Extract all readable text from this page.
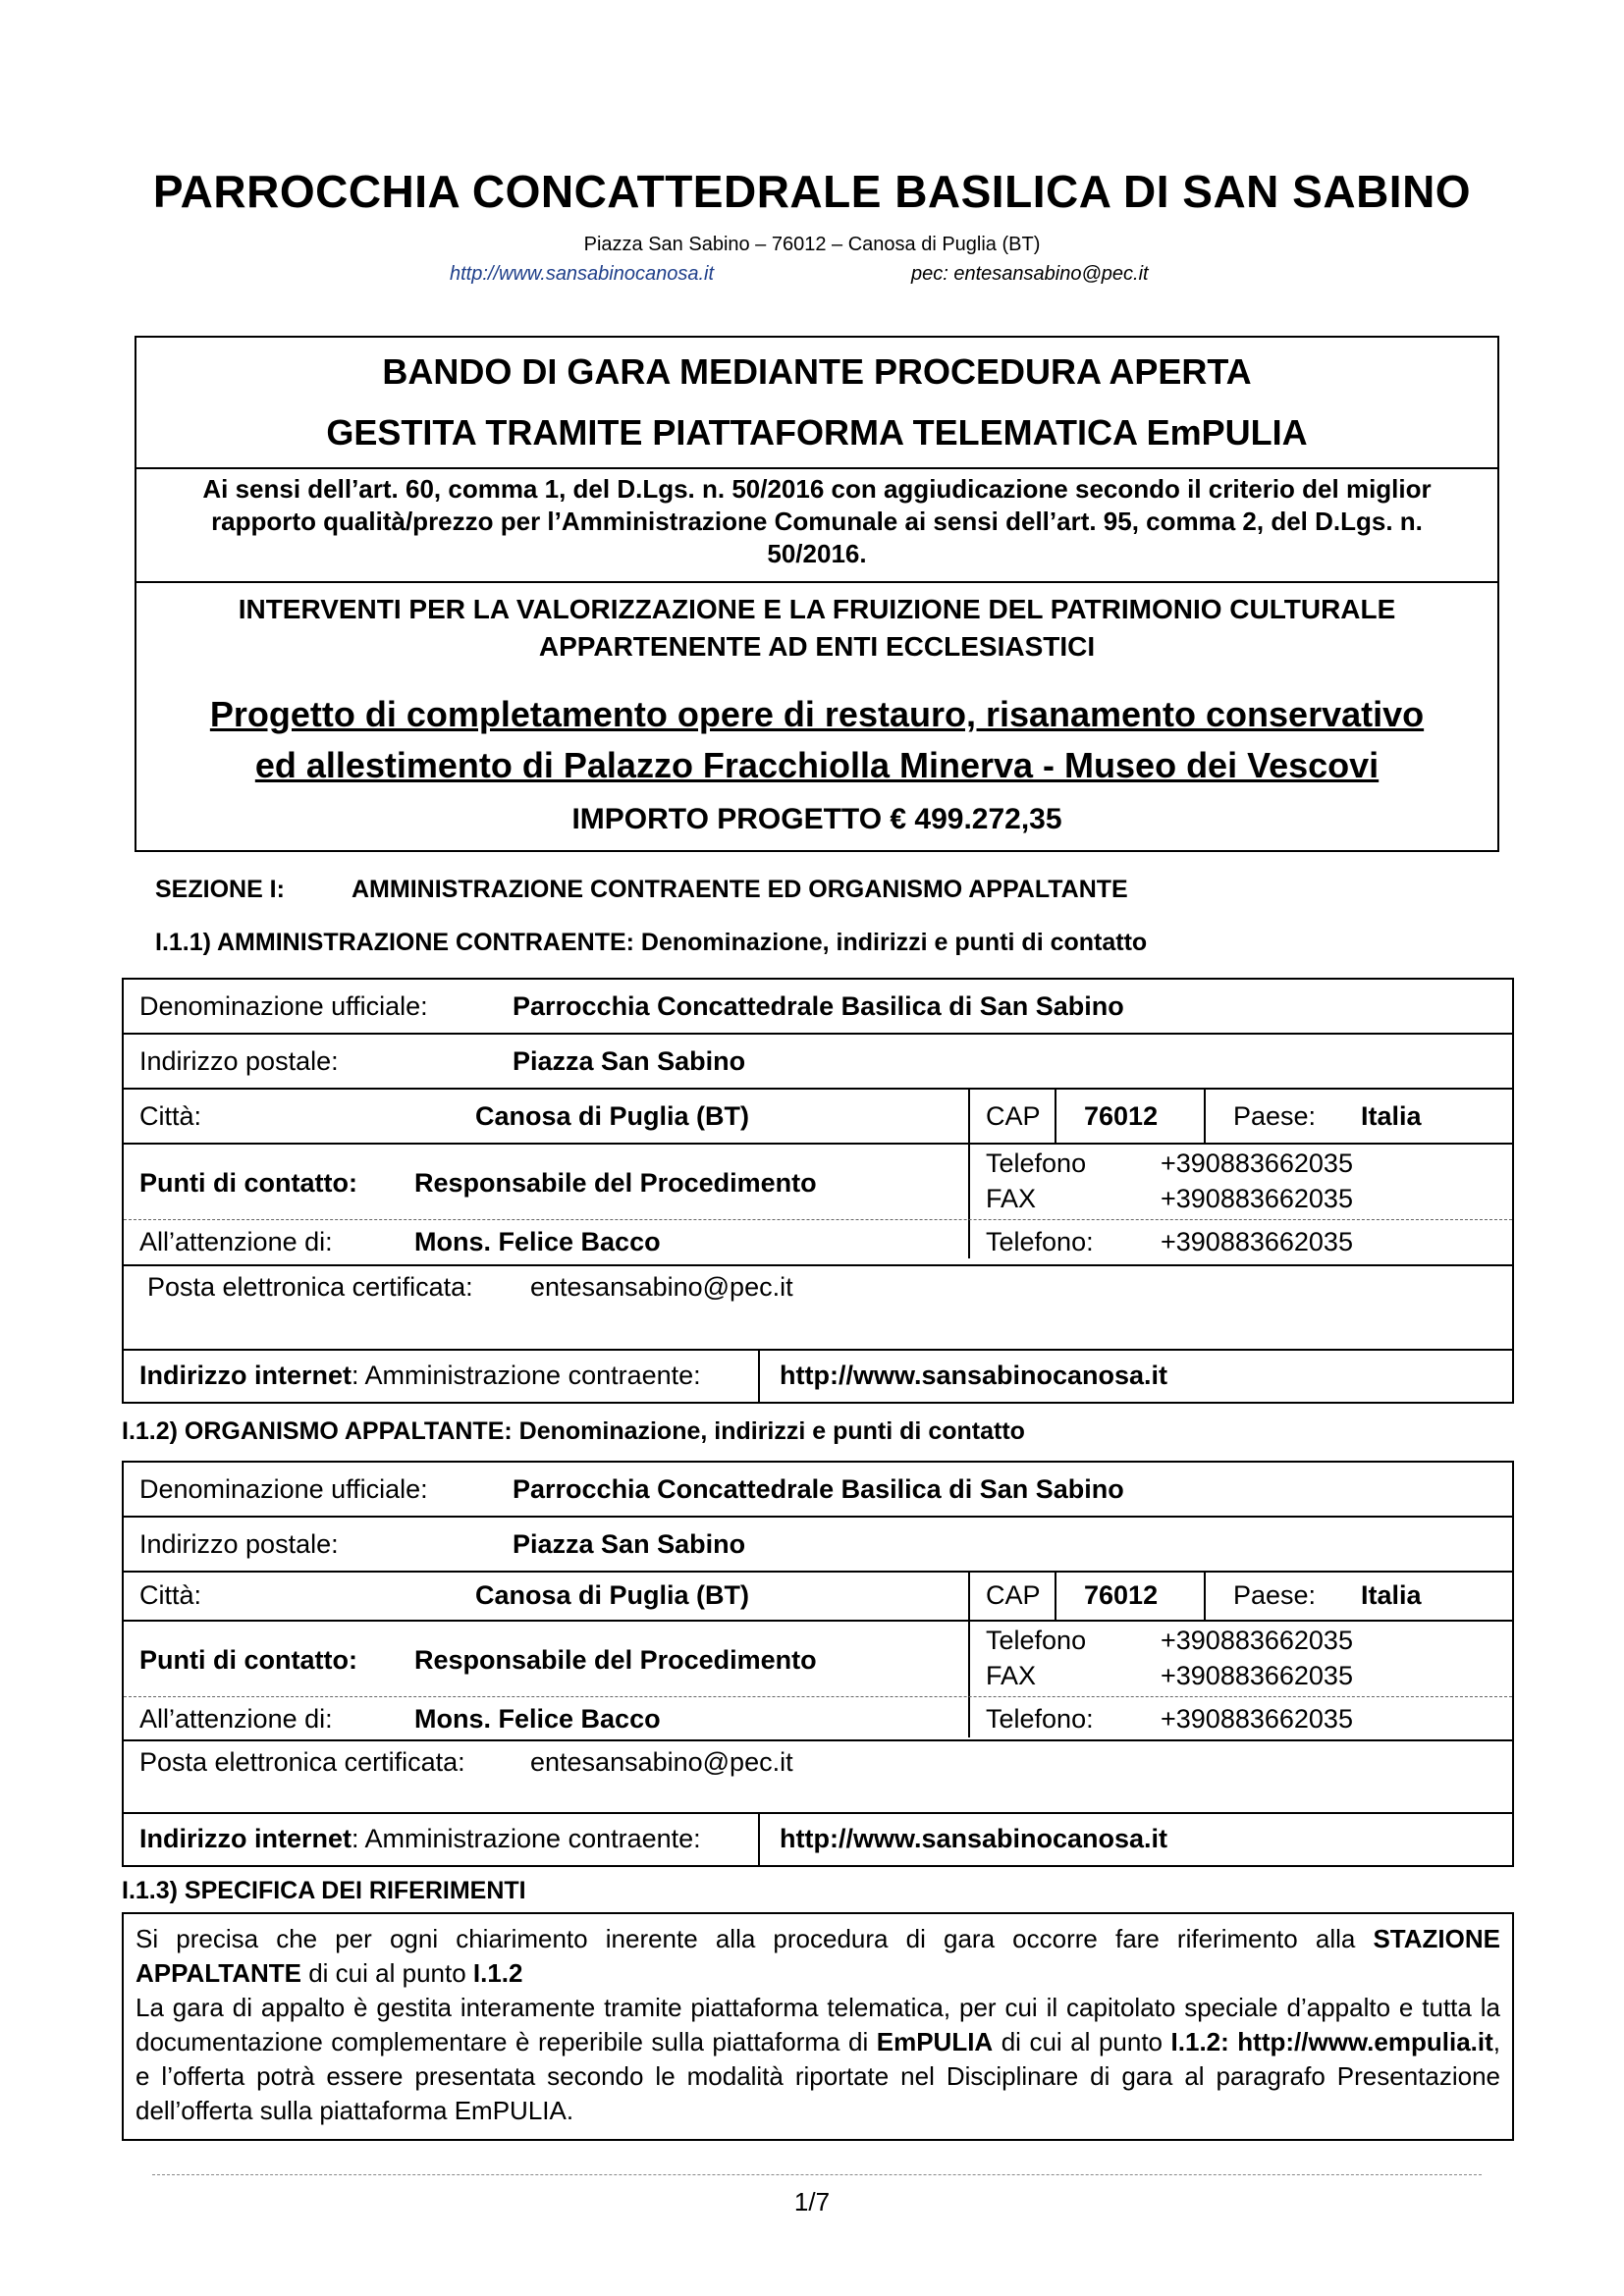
PARROCCHIA CONCATTEDRALE BASILICA DI SAN SABINO
Piazza San Sabino – 76012 – Canosa di Puglia (BT)
http://www.sansabinocanosa.it	pec: entesansabino@pec.it
BANDO DI GARA MEDIANTE PROCEDURA APERTA
GESTITA TRAMITE PIATTAFORMA TELEMATICA EmPULIA
Ai sensi dell’art. 60, comma 1, del D.Lgs. n. 50/2016 con aggiudicazione secondo il criterio del miglior
rapporto qualità/prezzo per l’Amministrazione Comunale ai sensi dell’art. 95, comma 2, del D.Lgs. n.
50/2016.
INTERVENTI PER LA VALORIZZAZIONE E LA FRUIZIONE DEL PATRIMONIO CULTURALE
APPARTENENTE AD ENTI ECCLESIASTICI
Progetto di completamento opere di restauro, risanamento conservativo
ed allestimento di Palazzo Fracchiolla Minerva - Museo dei Vescovi
IMPORTO PROGETTO € 499.272,35
SEZIONE I:	AMMINISTRAZIONE CONTRAENTE ED ORGANISMO APPALTANTE
I.1.1) AMMINISTRAZIONE CONTRAENTE: Denominazione, indirizzi e punti di contatto
Denominazione ufficiale:	Parrocchia Concattedrale Basilica di San Sabino
Indirizzo postale:	Piazza San Sabino
Città:	Canosa di Puglia (BT)	CAP 76012	Paese: Italia
Punti di contatto: Responsabile del Procedimento
Telefono	+390883662035
FAX	+390883662035
All’attenzione di:	Mons. Felice Bacco	Telefono:	+390883662035
Posta elettronica certificata: entesansabino@pec.it
Indirizzo internet: Amministrazione contraente:	http://www.sansabinocanosa.it
I.1.2) ORGANISMO APPALTANTE: Denominazione, indirizzi e punti di contatto
Denominazione ufficiale:	Parrocchia Concattedrale Basilica di San Sabino
Indirizzo postale:	Piazza San Sabino
Città:	Canosa di Puglia (BT)	CAP 76012	Paese: Italia
Punti di contatto: Responsabile del Procedimento
Telefono	+390883662035
FAX	+390883662035
All’attenzione di:	Mons. Felice Bacco	Telefono:	+390883662035
Posta elettronica certificata: entesansabino@pec.it
Indirizzo internet: Amministrazione contraente:	http://www.sansabinocanosa.it
I.1.3) SPECIFICA DEI RIFERIMENTI

Si precisa che per ogni chiarimento inerente alla procedura di gara occorre fare riferimento alla STAZIONE APPALTANTE di cui al punto I.1.2

La gara di appalto è gestita interamente tramite piattaforma telematica, per cui il capitolato speciale d’appalto e tutta la documentazione complementare è reperibile sulla piattaforma di EmPULIA di cui al punto I.1.2: http://www.empulia.it, e l’offerta potrà essere presentata secondo le modalità riportate nel Disciplinare di gara al paragrafo Presentazione dell’offerta sulla piattaforma EmPULIA.

1/7
